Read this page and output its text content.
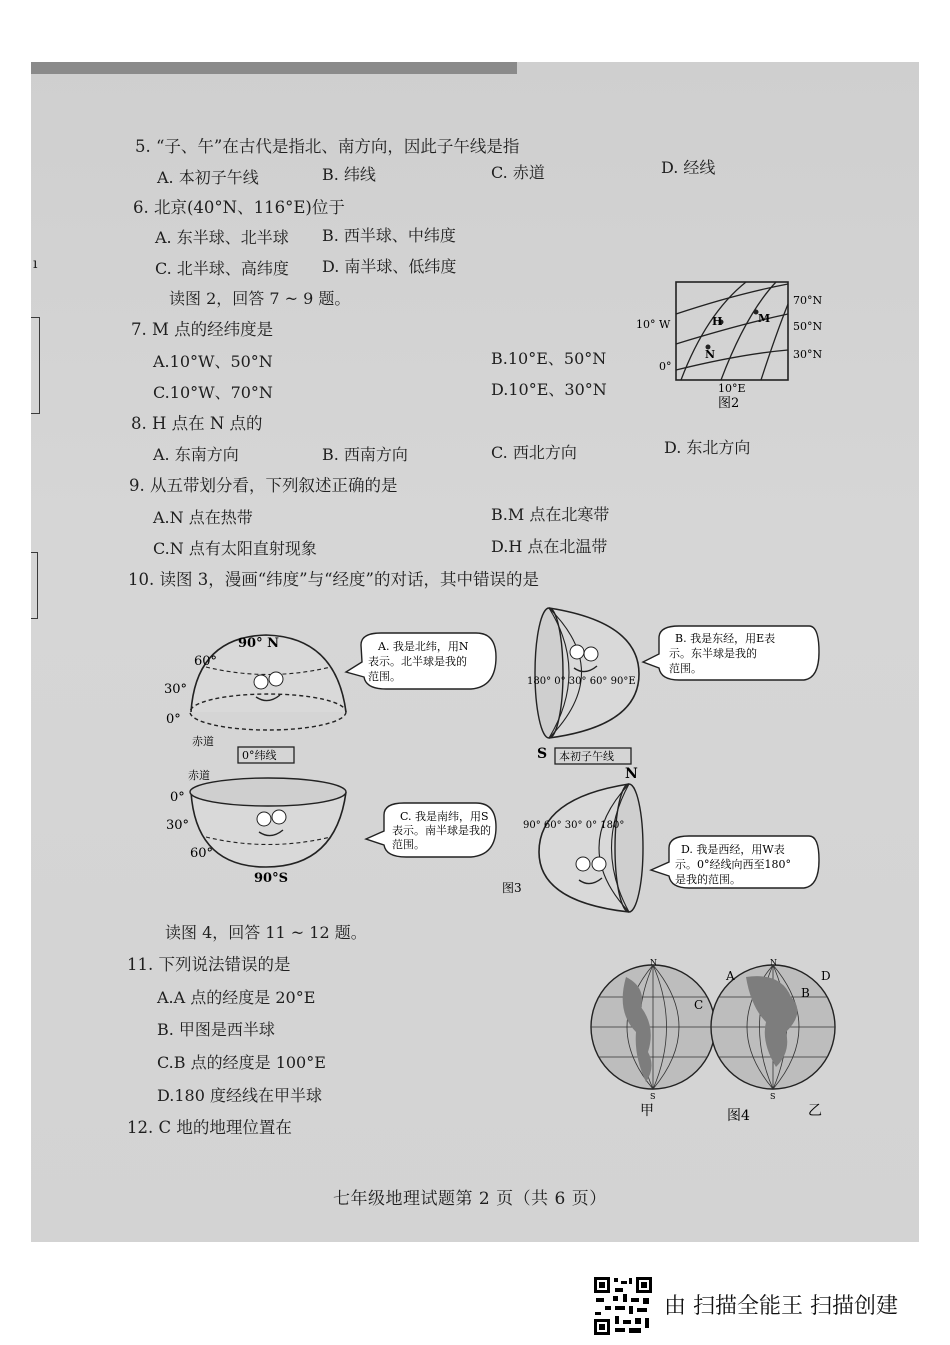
ı
5. “子、午”在古代是指北、南方向，因此子午线是指
A. 本初子午线	B. 纬线	C. 赤道	D. 经线
6. 北京(40°N、116°E)位于
A. 东半球、北半球 B. 西半球、中纬度
C. 北半球、高纬度 D. 南半球、低纬度
读图 2，回答 7 ~ 9 题。
7. M 点的经纬度是
A.10°W、50°N	B.10°E、50°N
C.10°W、70°N	D.10°E、30°N
8. H 点在 N 点的
A. 东南方向	B. 西南方向	C. 西北方向	D. 东北方向
9. 从五带划分看，下列叙述正确的是
A.N 点在热带	B.M 点在北寒带
C.N 点有太阳直射现象	D.H 点在北温带
10. 读图 3，漫画“纬度”与“经度”的对话，其中错误的是
H	M
N
70°N
50°N
30°N
10° W
0°
10°E
图2
90° N
60°
30°
0°
赤道
0°纬线
赤道
0°
30°
60°
90°S
A. 我是北纬，用N
表示。北半球是我的
范围。
C. 我是南纬，用S
表示。南半球是我的
范围。
图3
180° 0° 30° 60° 90°E
S 本初子午线
N
90° 60° 30° 0° 180°
B. 我是东经，用E表
示。东半球是我的
范围。
D. 我是西经，用W表
示。0°经线向西至180°
是我的范围。
读图 4，回答 11 ~ 12 题。
11. 下列说法错误的是
A.A 点的经度是 20°E
B. 甲图是西半球
C.B 点的经度是 100°E
D.180 度经线在甲半球
12. C 地的地理位置在
N	N
S	S
A
B
C
D
甲	图4	乙
七年级地理试题第 2 页（共 6 页）
由 扫描全能王 扫描创建
